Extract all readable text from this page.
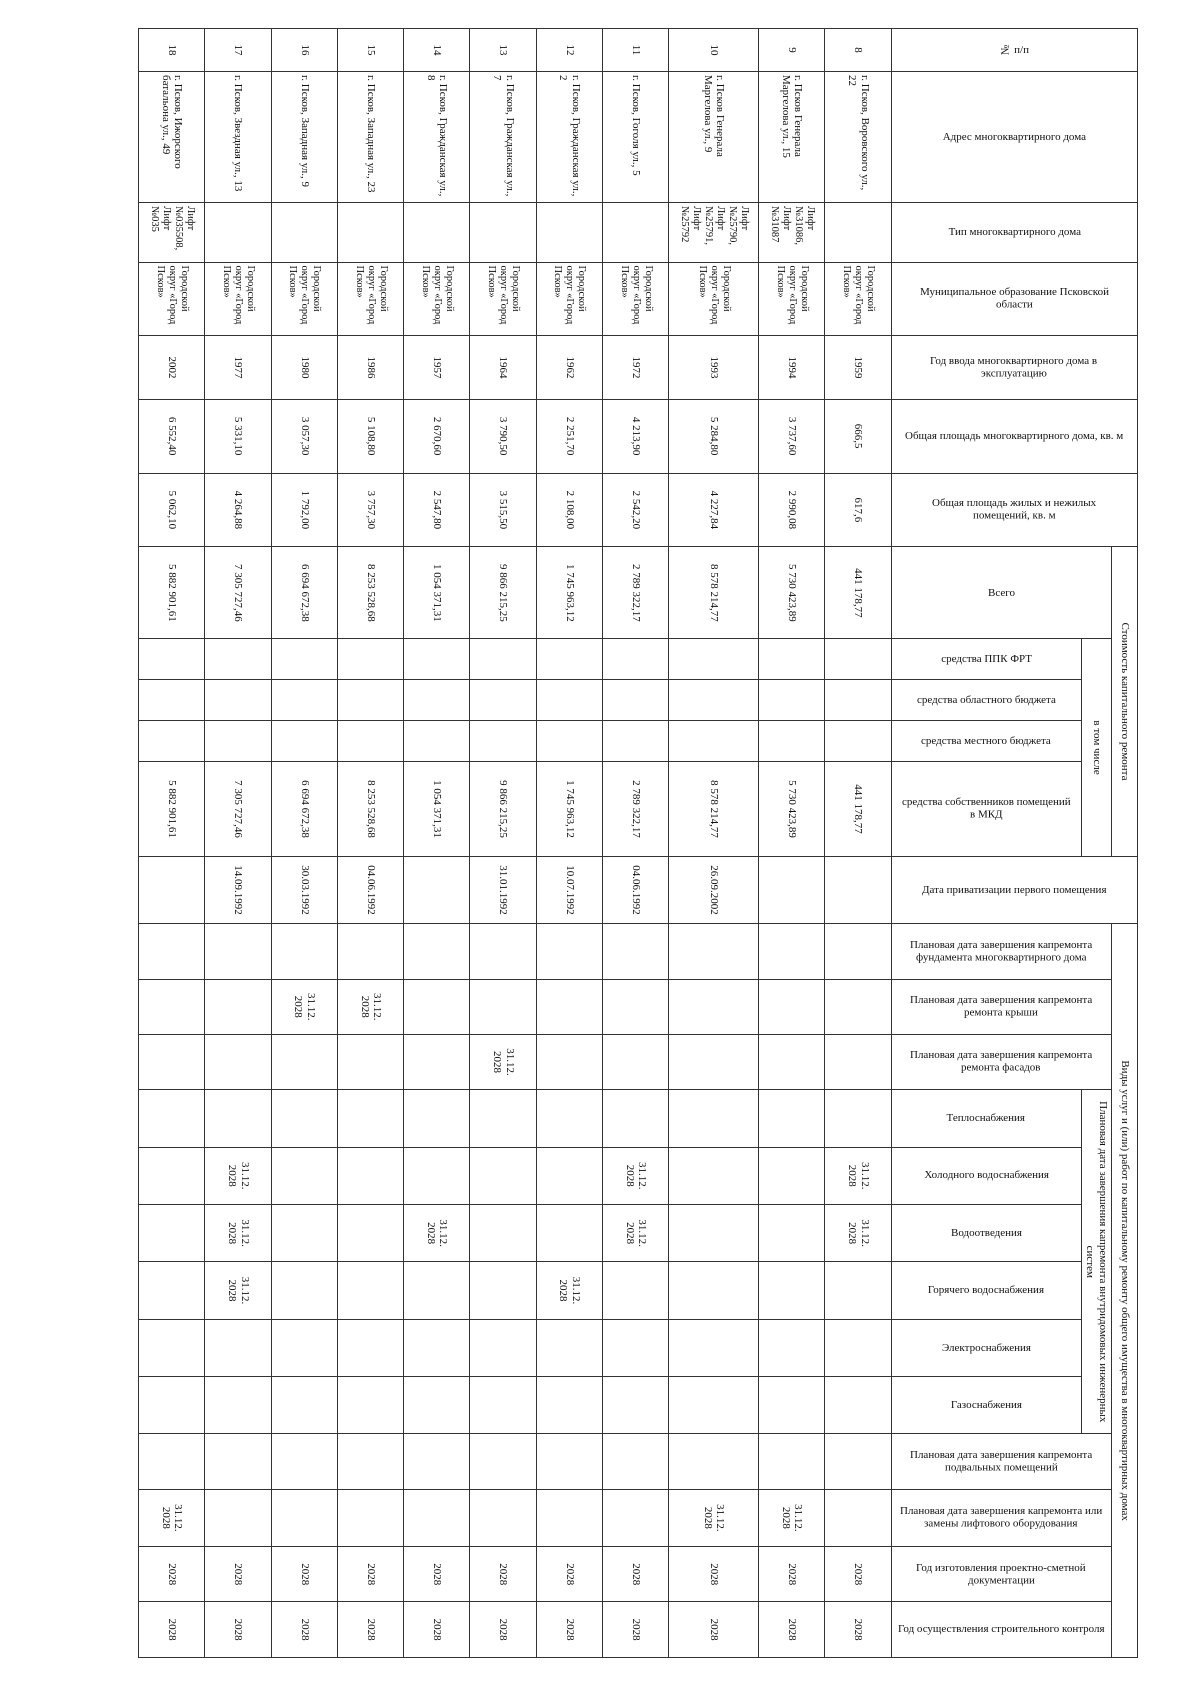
№ п/п	Адрес многоквартирного дома	Тип многоквартирного дома	Муниципальное образование Псковской области	Год ввода многоквартирного дома в эксплуатацию	Общая площадь многоквартирного дома, кв. м	Общая площадь жилых и нежилых помещений, кв. м	Стоимость капитального ремонта					Дата приватизации первого помещения	Виды услуг и (или) работ по капитальному ремонту общего имущества в многоквартирных домах												

							Всего	в том числе					Плановая дата завершения капремонта фундамента многоквартирного дома	Плановая дата завершения капремонта ремонта крыши	Плановая дата завершения капремонта ремонта фасадов	Плановая дата завершения капремонта внутридомовых инженерных систем						Плановая дата завершения капремонта подвальных помещений	Плановая дата завершения капремонта или замены лифтового оборудования	Год изготовления проектно-сметной документации	Год осуществления строительного контроля

								средства ППК ФРТ	средства областного бюджета	средства местного бюджета	средства собственников помещений в МКД					Теплоснабжения	Холодного водоснабжения	Водоотведения	Горячего водоснабжения	Электроснабжения	Газоснабжения				

8	г. Псков, Воровского ул., 22		Городской округ «Город Псков»	1959	666,5	617,6	441 178,77				441 178,77						31.12. 2028	31.12. 2028						2028	2028
9	г. Псков Генерала Маргелова ул., 15	Лифт №31086, Лифт №31087	Городской округ «Город Псков»	1994	3 737,60	2 990,08	5 730 423,89				5 730 423,89												31.12. 2028	2028	2028
10	г. Псков Генерала Маргелова ул., 9	Лифт №25790, Лифт №25791, Лифт №25792	Городской округ «Город Псков»	1993	5 284,80	4 227,84	8 578 214,77				8 578 214,77	26.09.2002											31.12. 2028	2028	2028
11	г. Псков, Гоголя ул., 5		Городской округ «Город Псков»	1972	4 213,90	2 542,20	2 789 322,17				2 789 322,17	04.06.1992					31.12. 2028	31.12. 2028						2028	2028
12	г. Псков, Гражданская ул., 2		Городской округ «Город Псков»	1962	2 251,70	2 108,00	1 745 963,12				1 745 963,12	10.07.1992							31.12. 2028					2028	2028
13	г. Псков, Гражданская ул., 7		Городской округ «Город Псков»	1964	3 790,50	3 515,50	9 866 215,25				9 866 215,25	31.01.1992			31.12. 2028									2028	2028
14	г. Псков, Гражданская ул., 8		Городской округ «Город Псков»	1957	2 670,60	2 547,80	1 054 371,31				1 054 371,31							31.12. 2028						2028	2028
15	г. Псков, Западная ул., 23		Городской округ «Город Псков»	1986	5 108,80	3 757,30	8 253 528,68				8 253 528,68	04.06.1992		31.12. 2028										2028	2028
16	г. Псков, Западная ул., 9		Городской округ «Город Псков»	1980	3 057,30	1 792,00	6 694 672,38				6 694 672,38	30.03.1992		31.12. 2028										2028	2028
17	г. Псков, Звездная ул., 13		Городской округ «Город Псков»	1977	5 331,10	4 264,88	7 305 727,46				7 305 727,46	14.09.1992					31.12. 2028	31.12. 2028	31.12. 2028					2028	2028
18	г. Псков, Ижорского батальона ул., 49	Лифт №035508, Лифт №035	Городской округ «Город Псков»	2002	6 552,40	5 062,10	5 882 901,61				5 882 901,61												31.12. 2028	2028	2028
